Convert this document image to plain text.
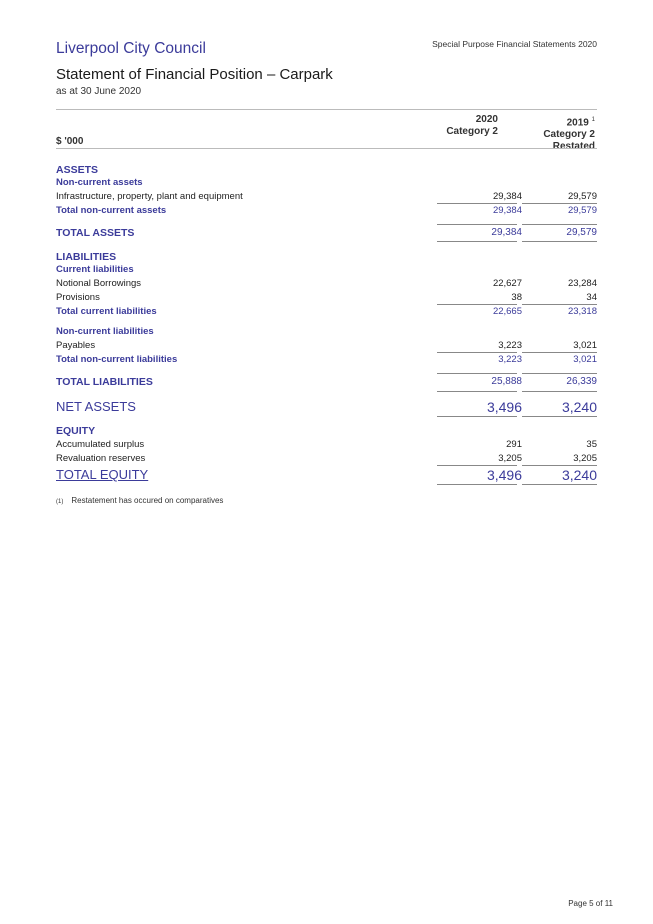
Liverpool City Council	Special Purpose Financial Statements 2020
Statement of Financial Position – Carpark
as at 30 June 2020
2020
Category 2
2019 $^1$
Category 2
Restated
$ '000
ASSETS
Non-current assets
Infrastructure, property, plant and equipment	29,384	29,579
Total non-current assets	29,384	29,579
TOTAL ASSETS	29,384	29,579
LIABILITIES
Current liabilities
Notional Borrowings	22,627	23,284
Provisions	38	34
Total current liabilities	22,665	23,318
Non-current liabilities
Payables	3,223	3,021
Total non-current liabilities	3,223	3,021
TOTAL LIABILITIES	25,888	26,339
NET ASSETS	3,496	3,240
EQUITY
Accumulated surplus	291	35
Revaluation reserves	3,205	3,205
TOTAL EQUITY	3,496	3,240
(1) Restatement has occured on comparatives
Page 5 of 11
